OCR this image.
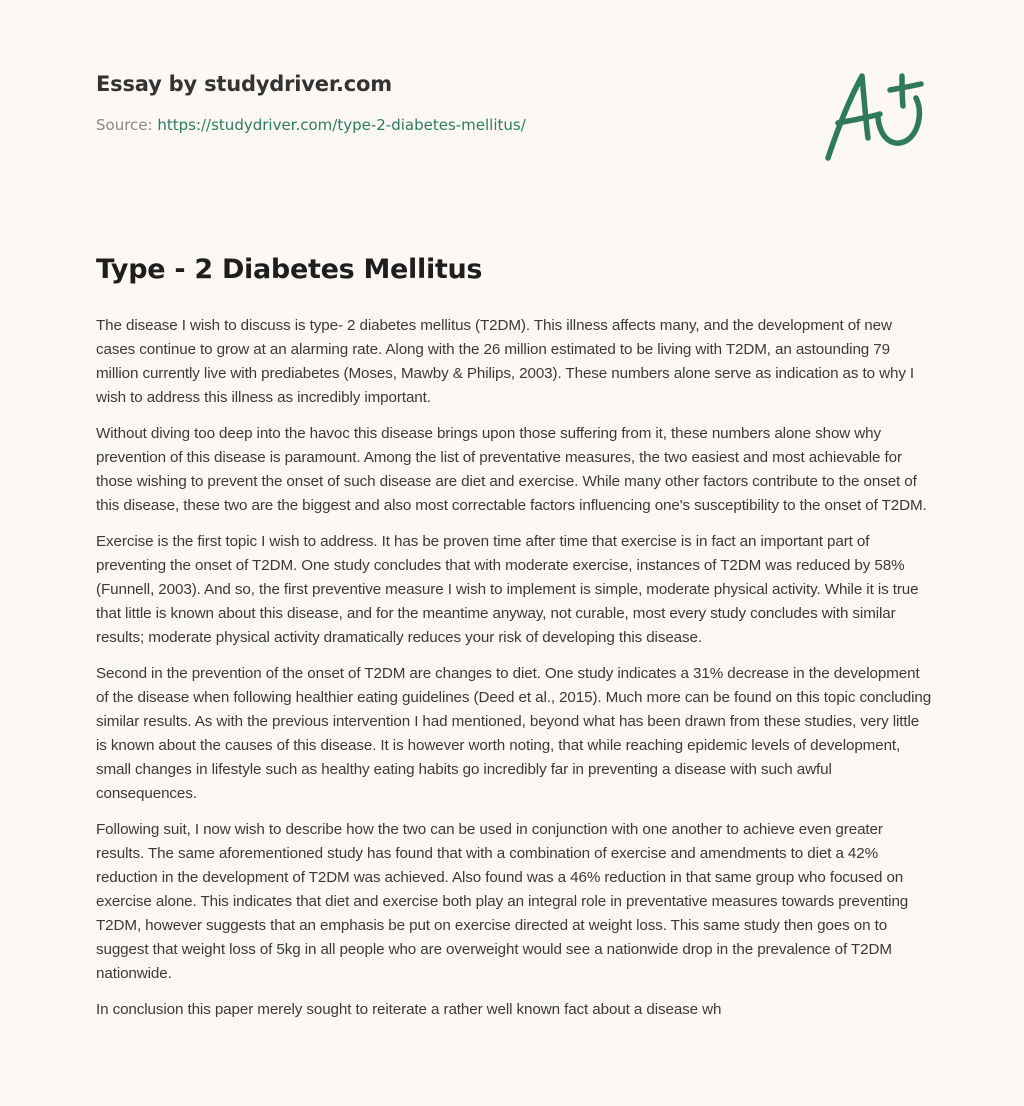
Essay by studydriver.com
Source: https://studydriver.com/type-2-diabetes-mellitus/
Type - 2 Diabetes Mellitus

The disease I wish to discuss is type- 2 diabetes mellitus (T2DM). This illness affects many, and the development of new cases continue to grow at an alarming rate. Along with the 26 million estimated to be living with T2DM, an astounding 79 million currently live with prediabetes (Moses, Mawby & Philips, 2003). These numbers alone serve as indication as to why I wish to address this illness as incredibly important.

Without diving too deep into the havoc this disease brings upon those suffering from it, these numbers alone show why prevention of this disease is paramount. Among the list of preventative measures, the two easiest and most achievable for those wishing to prevent the onset of such disease are diet and exercise. While many other factors contribute to the onset of this disease, these two are the biggest and also most correctable factors influencing one's susceptibility to the onset of T2DM.

Exercise is the first topic I wish to address. It has be proven time after time that exercise is in fact an important part of preventing the onset of T2DM. One study concludes that with moderate exercise, instances of T2DM was reduced by 58% (Funnell, 2003). And so, the first preventive measure I wish to implement is simple, moderate physical activity. While it is true that little is known about this disease, and for the meantime anyway, not curable, most every study concludes with similar results; moderate physical activity dramatically reduces your risk of developing this disease.

Second in the prevention of the onset of T2DM are changes to diet. One study indicates a 31% decrease in the development of the disease when following healthier eating guidelines (Deed et al., 2015). Much more can be found on this topic concluding similar results. As with the previous intervention I had mentioned, beyond what has been drawn from these studies, very little is known about the causes of this disease. It is however worth noting, that while reaching epidemic levels of development, small changes in lifestyle such as healthy eating habits go incredibly far in preventing a disease with such awful consequences.

Following suit, I now wish to describe how the two can be used in conjunction with one another to achieve even greater results. The same aforementioned study has found that with a combination of exercise and amendments to diet a 42% reduction in the development of T2DM was achieved. Also found was a 46% reduction in that same group who focused on exercise alone. This indicates that diet and exercise both play an integral role in preventative measures towards preventing T2DM, however suggests that an emphasis be put on exercise directed at weight loss. This same study then goes on to suggest that weight loss of 5kg in all people who are overweight would see a nationwide drop in the prevalence of T2DM nationwide.

In conclusion this paper merely sought to reiterate a rather well known fact about a disease wh
